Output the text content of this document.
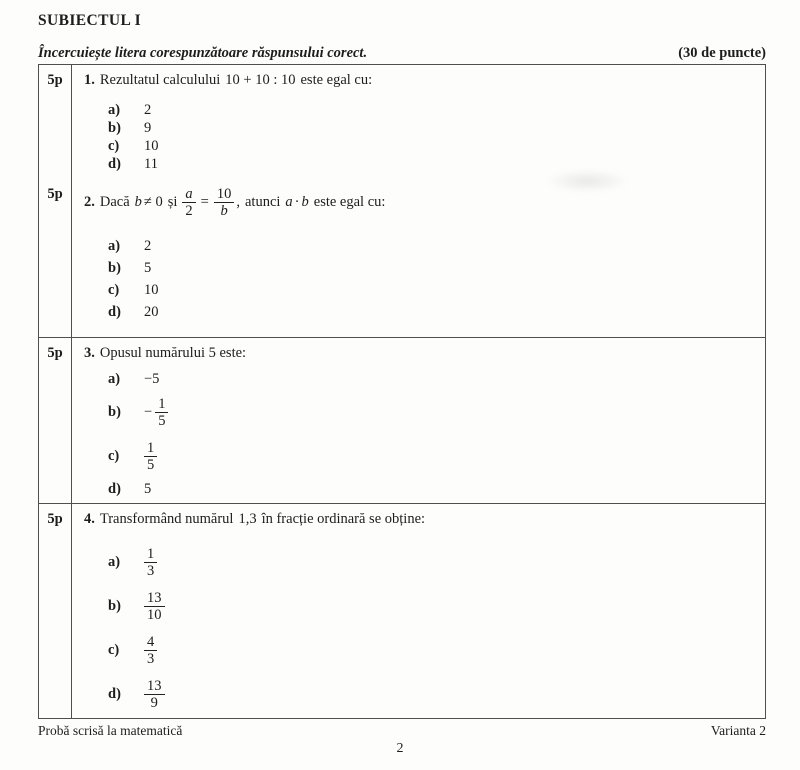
SUBIECTUL I
Încercuiește litera corespunzătoare răspunsului corect.	(30 de puncte)
5p	1. Rezultatul calculului 10 + 10 : 10 este egal cu:
a)	2
b)	9
c)	10
d)	11
5p	2. Dacă b ≠ 0 și $\frac{a}{2} = \frac{10}{b}$ , atunci a · b este egal cu:
a)	2
b)	5
c)	10
d)	20
5p	3. Opusul numărului 5 este:
a)	−5
b)	− $\frac{1}{5}$
c)	$\frac{1}{5}$
d)	5
5p	4. Transformând numărul 1,3 în fracție ordinară se obține:
a)	$\frac{1}{3}$
b)	$\frac{13}{10}$
c)	$\frac{4}{3}$
d)	$\frac{13}{9}$
Probă scrisă la matematică	Varianta 2
2
